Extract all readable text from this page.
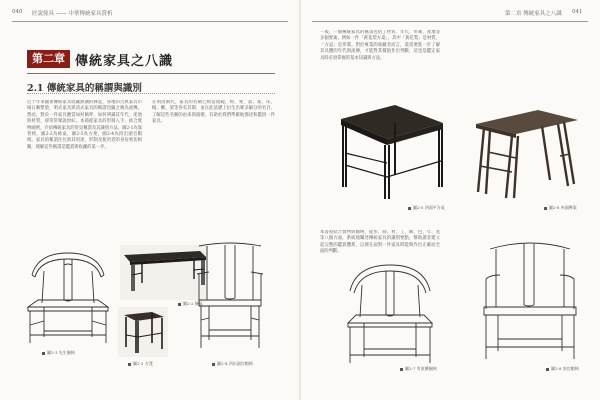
040 匠說傢具 —— 中華傳統家具賞析
第二章 傳統家具之八識
2.1 傳統家具的稱謂與識別
近十年來隨著傳統家具收藏熱潮的興起，各地的古典家具市場日漸繁榮，明式家具與清式家具的稱謂也隨之廣為流傳。然而，對於一件家具應當如何稱呼，如何辨識其年代、產地與材質，卻常常眾說紛紜。本節從家具的形制入手，結合實物圖例，介紹傳統家具的常見稱謂及其識別方法。圖2-1為靠背椅，圖2-2為條桌，圖2-3為方凳，圖2-4為四出頭官帽椅。家具的稱謂往往與其用途、形制及使用者的身份密切相關，理解這些稱謂是鑑賞與收藏的第一步。
在明清兩代，家具的名稱已相當規範，椅、凳、桌、案、床、榻、櫃、架等各有其制，並在此基礎上衍生出眾多細分的名目。了解這些名稱的由來與演變，有助於我們準確地描述和鑑別一件家具。
圖2-1 先生圈椅
圖2-2 條桌
圖2-3 方凳	圖2-4 四出頭官帽椅
第二章 傳統家具之八識 041
一般，一個傳統家具的稱謂包括了材質、年代、形制、產地等多個要素。例如一件「黃花梨方桌」，其中「黃花梨」是材質，「方桌」是形制。對於專業的收藏者而言，還需要進一步了解其具體的年代與流傳，才能對其價值作出判斷，這也是鑑定家具時必須掌握的基本知識與方法。
本書將結合實物與圖例，從形、制、材、工、飾、色、年、產等八個方面，系統地闡述傳統家具的識別要點，幫助讀者建立起完整的鑑賞體系，以便在面對一件家具時能夠作出正確而全面的判斷。
圖2-5 四面平方桌	圖2-6 夾頭榫案
圖2-7 有束腰圈椅	圖2-8 南官帽椅
